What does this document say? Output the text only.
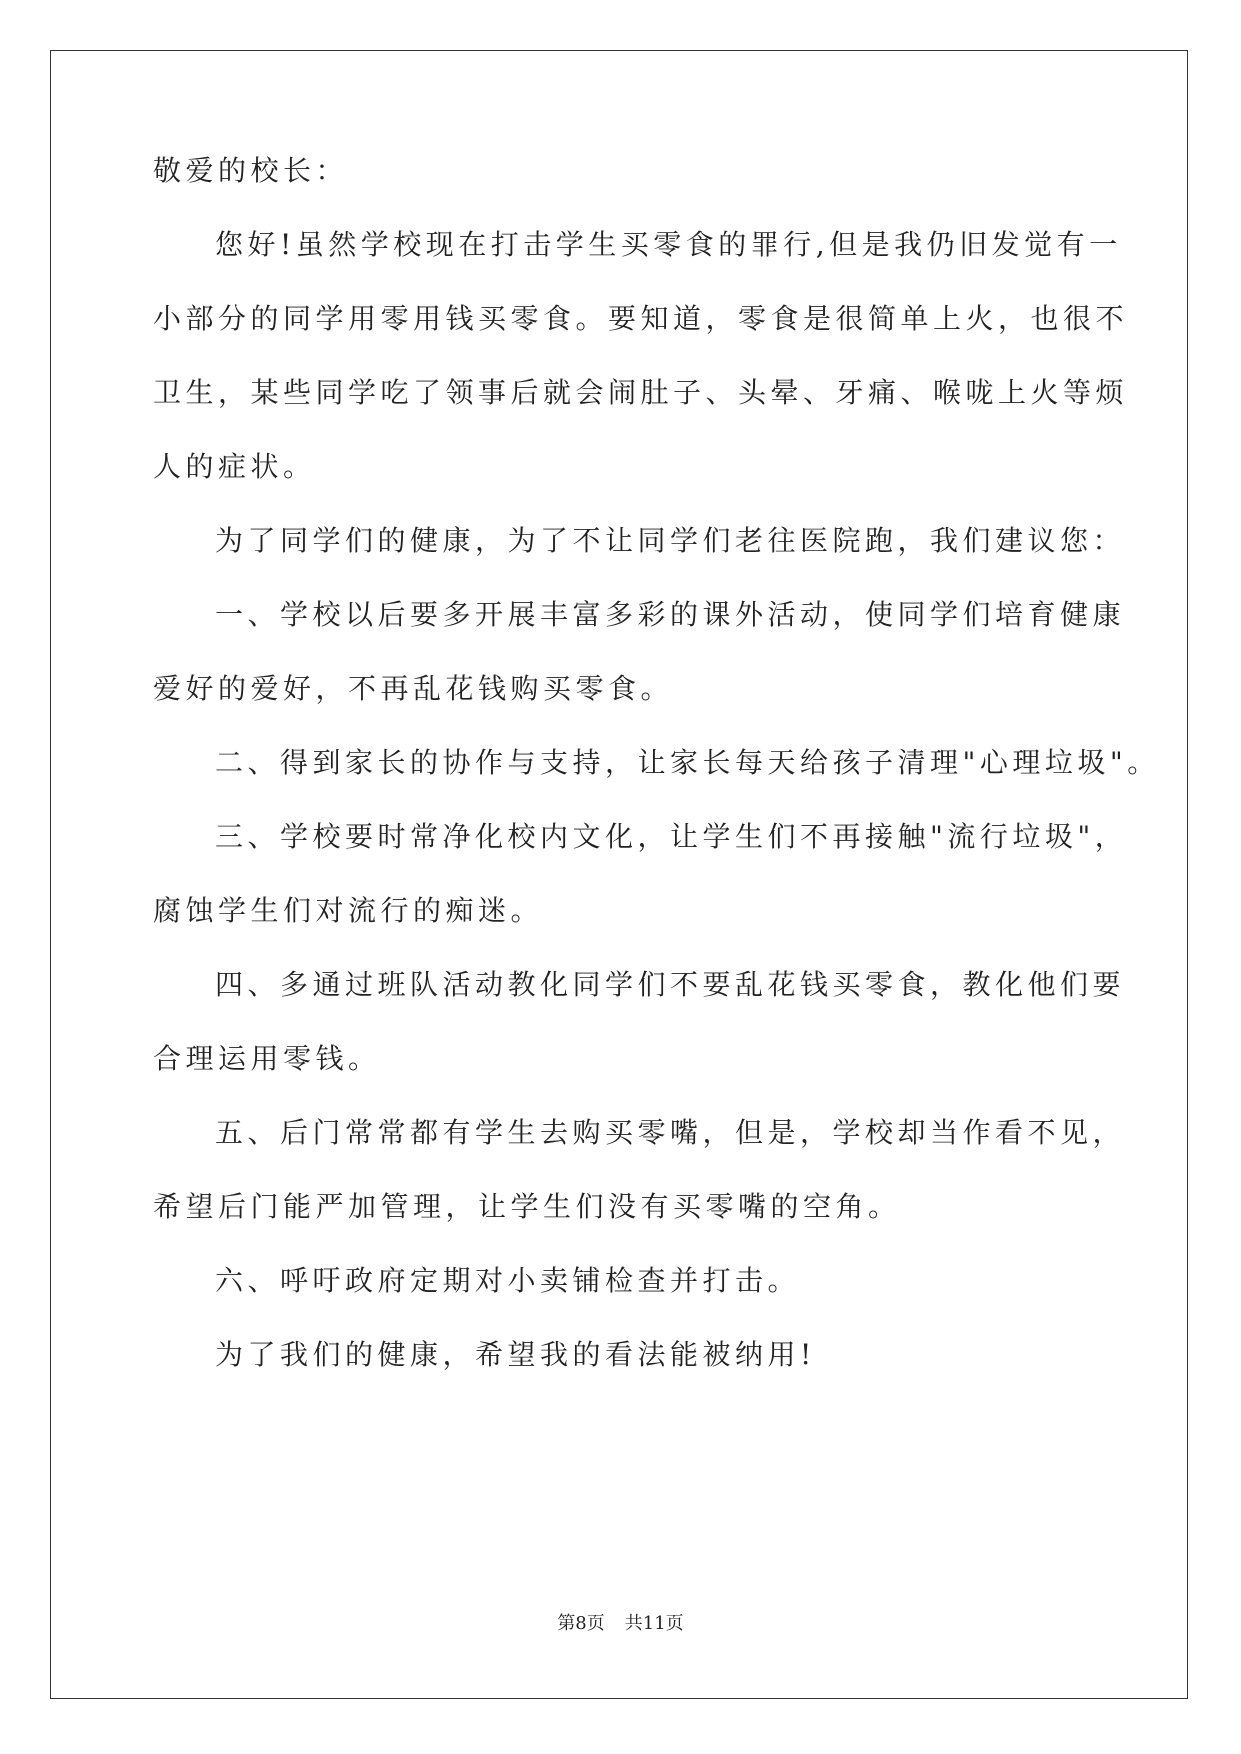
敬爱的校长：

您好!虽然学校现在打击学生买零食的罪行,但是我仍旧发觉有一

小部分的同学用零用钱买零食。要知道，零食是很简单上火，也很不

卫生，某些同学吃了领事后就会闹肚子、头晕、牙痛、喉咙上火等烦

人的症状。

为了同学们的健康，为了不让同学们老往医院跑，我们建议您：

一、学校以后要多开展丰富多彩的课外活动，使同学们培育健康

爱好的爱好，不再乱花钱购买零食。

二、得到家长的协作与支持，让家长每天给孩子清理"心理垃圾"。

三、学校要时常净化校内文化，让学生们不再接触"流行垃圾"，

腐蚀学生们对流行的痴迷。

四、多通过班队活动教化同学们不要乱花钱买零食，教化他们要

合理运用零钱。

五、后门常常都有学生去购买零嘴，但是，学校却当作看不见，

希望后门能严加管理，让学生们没有买零嘴的空角。

六、呼吁政府定期对小卖铺检查并打击。

为了我们的健康，希望我的看法能被纳用!

第8页 共11页
